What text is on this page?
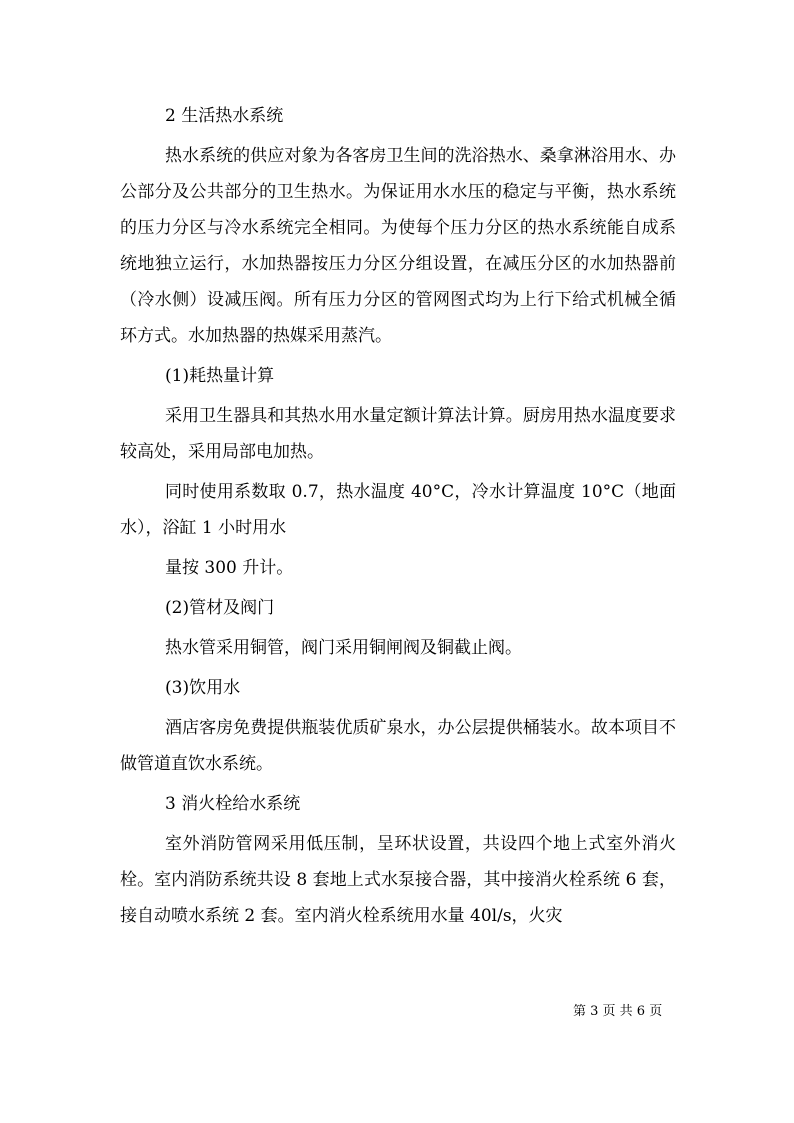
2 生活热水系统

热水系统的供应对象为各客房卫生间的洗浴热水、桑拿淋浴用水、办公部分及公共部分的卫生热水。为保证用水水压的稳定与平衡，热水系统的压力分区与冷水系统完全相同。为使每个压力分区的热水系统能自成系统地独立运行，水加热器按压力分区分组设置，在减压分区的水加热器前（冷水侧）设减压阀。所有压力分区的管网图式均为上行下给式机械全循环方式。水加热器的热媒采用蒸汽。

(1)耗热量计算

采用卫生器具和其热水用水量定额计算法计算。厨房用热水温度要求较高处，采用局部电加热。

同时使用系数取 0.7，热水温度 40°C，冷水计算温度 10°C（地面水），浴缸 1 小时用水

量按 300 升计。

(2)管材及阀门

热水管采用铜管，阀门采用铜闸阀及铜截止阀。

(3)饮用水

酒店客房免费提供瓶装优质矿泉水，办公层提供桶装水。故本项目不做管道直饮水系统。

3 消火栓给水系统

室外消防管网采用低压制，呈环状设置，共设四个地上式室外消火栓。室内消防系统共设 8 套地上式水泵接合器，其中接消火栓系统 6 套，接自动喷水系统 2 套。室内消火栓系统用水量 40l/s，火灾

第 3 页 共 6 页
